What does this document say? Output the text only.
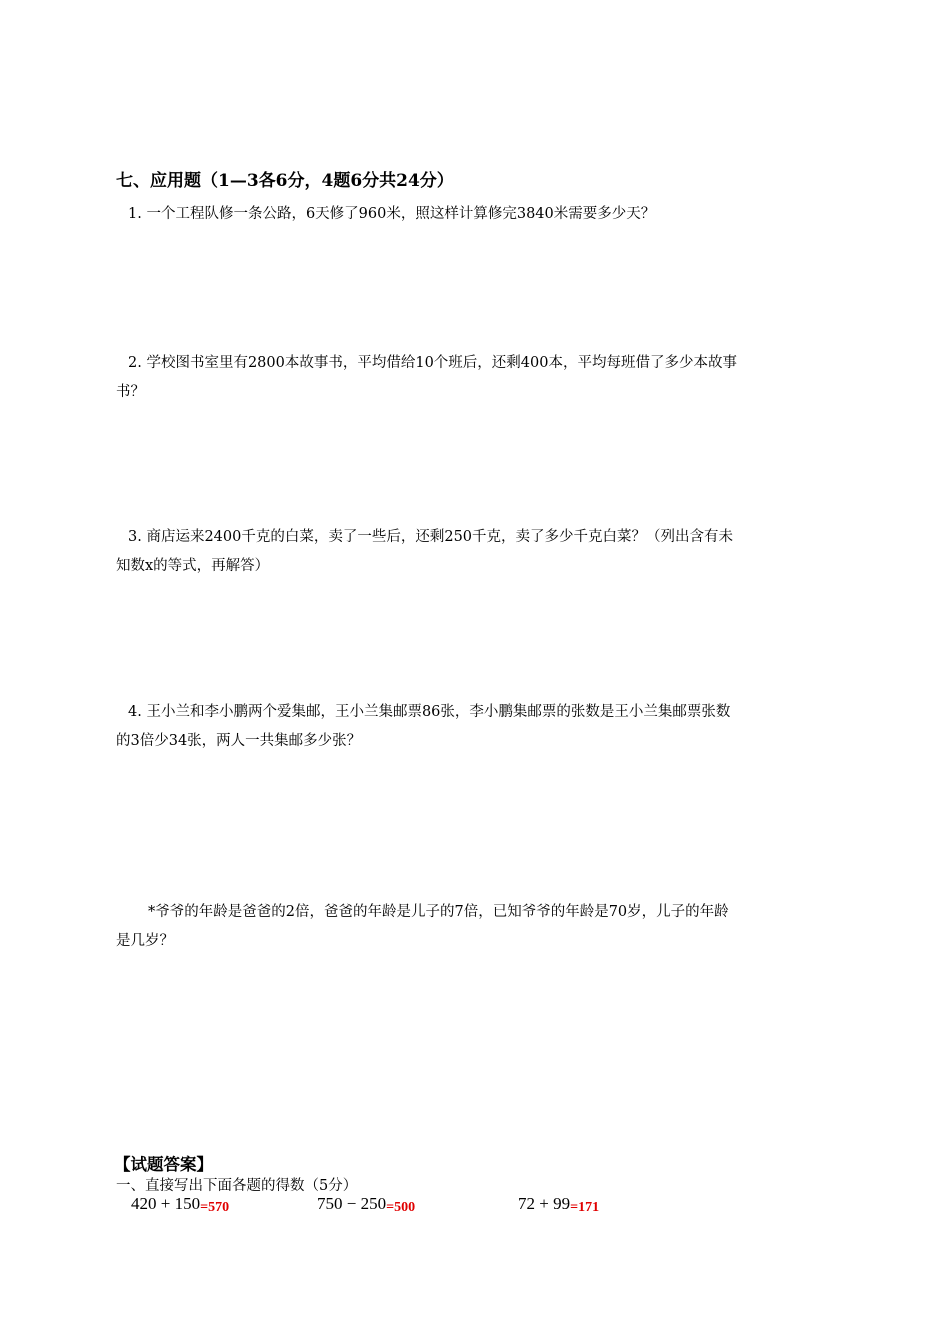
七、应用题（1—3各6分，4题6分共24分）
1. 一个工程队修一条公路，6天修了960米，照这样计算修完3840米需要多少天？
2. 学校图书室里有2800本故事书，平均借给10个班后，还剩400本，平均每班借了多少本故事
书？
3. 商店运来2400千克的白菜，卖了一些后，还剩250千克，卖了多少千克白菜？（列出含有未
知数x的等式，再解答）
4. 王小兰和李小鹏两个爱集邮，王小兰集邮票86张，李小鹏集邮票的张数是王小兰集邮票张数
的3倍少34张，两人一共集邮多少张？
*爷爷的年龄是爸爸的2倍，爸爸的年龄是儿子的7倍，已知爷爷的年龄是70岁，儿子的年龄
是几岁？
【试题答案】
一、直接写出下面各题的得数（5分）
420 + 150=570	750 − 250=500	72 + 99=171
